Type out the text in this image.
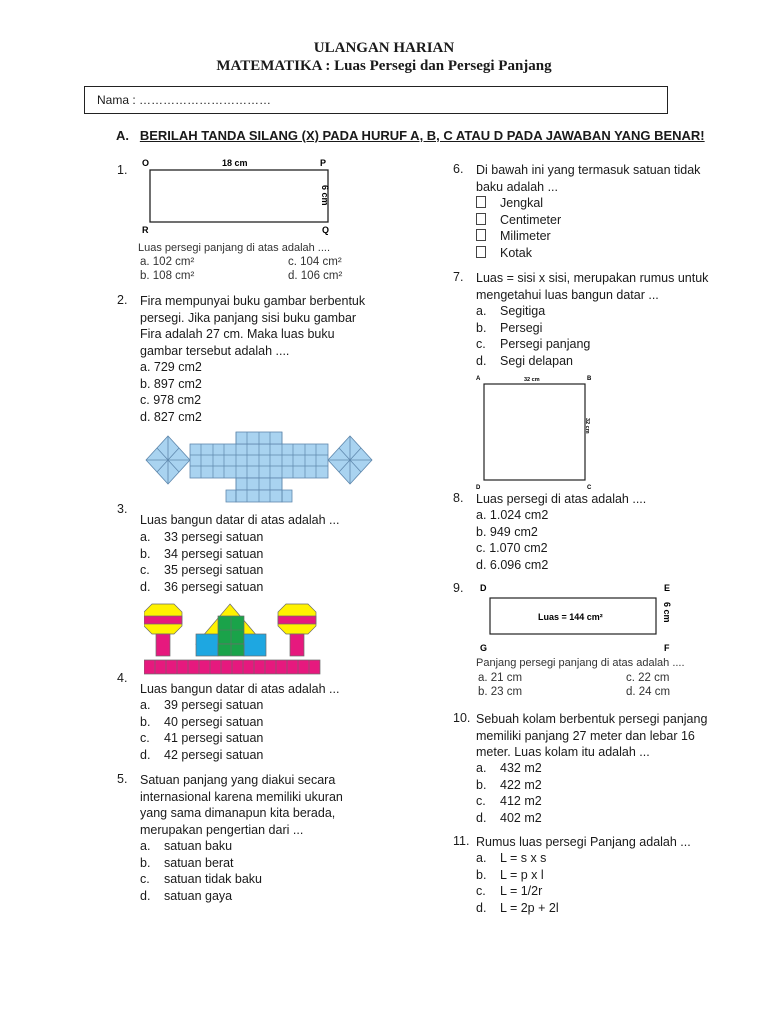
ULANGAN HARIAN
MATEMATIKA : Luas Persegi dan Persegi Panjang
Nama : ……………………………
A. BERILAH TANDA SILANG (X) PADA HURUF A, B, C ATAU D PADA JAWABAN YANG BENAR!
1. O	P
R	Q
18 cm
6 cm
Luas persegi panjang di atas adalah ....
a. 102 cm²	c. 104 cm²
b. 108 cm²	d. 106 cm²
2. Fira mempunyai buku gambar berbentuk
persegi. Jika panjang sisi buku gambar
Fira adalah 27 cm. Maka luas buku
gambar tersebut adalah ....
a. 729 cm2
b. 897 cm2
c. 978 cm2
d. 827 cm2
3.
Luas bangun datar di atas adalah ...
a. 33 persegi satuan
b. 34 persegi satuan
c. 35 persegi satuan
d. 36 persegi satuan
4.
Luas bangun datar di atas adalah ...
a. 39 persegi satuan
b. 40 persegi satuan
c. 41 persegi satuan
d. 42 persegi satuan
5. Satuan panjang yang diakui secara
internasional karena memiliki ukuran
yang sama dimanapun kita berada,
merupakan pengertian dari ...
a. satuan baku
b. satuan berat
c. satuan tidak baku
d. satuan gaya
6. Di bawah ini yang termasuk satuan tidak
baku adalah ...
Jengkal
Centimeter
Milimeter
Kotak
7. Luas = sisi x sisi, merupakan rumus untuk
mengetahui luas bangun datar ...
a. Segitiga
b. Persegi
c. Persegi panjang
d. Segi delapan
A	B
D	C
32 cm
32 cm
8. Luas persegi di atas adalah ....
a. 1.024 cm2
b. 949 cm2
c. 1.070 cm2
d. 6.096 cm2
9. D	E
G	F
Luas = 144 cm²	6 cm
Panjang persegi panjang di atas adalah ....
a. 21 cm	c. 22 cm
b. 23 cm	d. 24 cm
10. Sebuah kolam berbentuk persegi panjang
memiliki panjang 27 meter dan lebar 16
meter. Luas kolam itu adalah ...
a. 432 m2
b. 422 m2
c. 412 m2
d. 402 m2
11. Rumus luas persegi Panjang adalah ...
a. L = s x s
b. L = p x l
c. L = 1/2r
d. L = 2p + 2l
